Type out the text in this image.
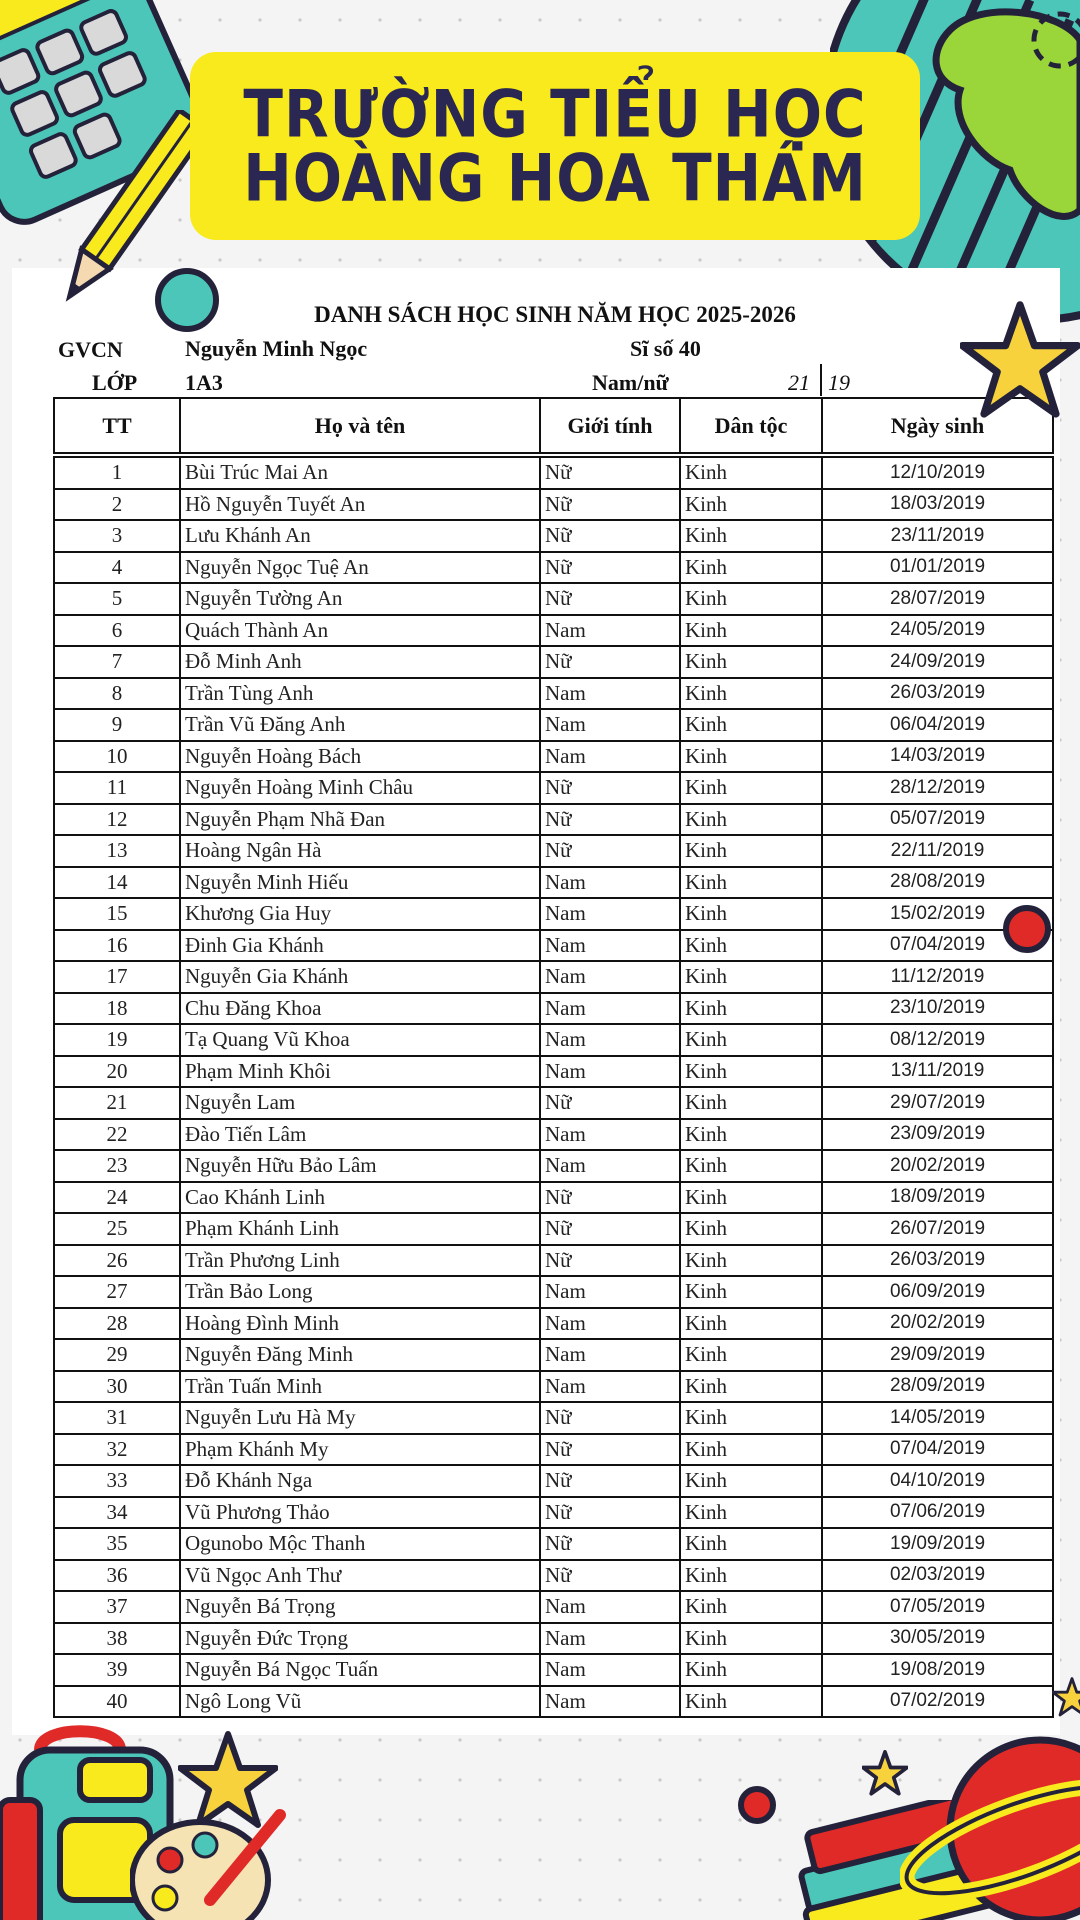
TRƯỜNG TIỂU HỌC
HOÀNG HOA THÁM
DANH SÁCH HỌC SINH NĂM HỌC 2025-2026
GVCN	Nguyễn Minh Ngọc	Sĩ số 40
LỚP 1A3	Nam/nữ	21 19
TT	Họ và tên	Giới tính	Dân tộc	Ngày sinh
1	Bùi Trúc Mai An	Nữ	Kinh	12/10/2019
2	Hồ Nguyễn Tuyết An	Nữ	Kinh	18/03/2019
3	Lưu Khánh An	Nữ	Kinh	23/11/2019
4	Nguyễn Ngọc Tuệ An	Nữ	Kinh	01/01/2019
5	Nguyễn Tường An	Nữ	Kinh	28/07/2019
6	Quách Thành An	Nam	Kinh	24/05/2019
7	Đỗ Minh Anh	Nữ	Kinh	24/09/2019
8	Trần Tùng Anh	Nam	Kinh	26/03/2019
9	Trần Vũ Đăng Anh	Nam	Kinh	06/04/2019
10	Nguyễn Hoàng Bách	Nam	Kinh	14/03/2019
11	Nguyễn Hoàng Minh Châu	Nữ	Kinh	28/12/2019
12	Nguyễn Phạm Nhã Đan	Nữ	Kinh	05/07/2019
13	Hoàng Ngân Hà	Nữ	Kinh	22/11/2019
14	Nguyễn Minh Hiếu	Nam	Kinh	28/08/2019
15	Khương Gia Huy	Nam	Kinh	15/02/2019
16	Đinh Gia Khánh	Nam	Kinh	07/04/2019
17	Nguyễn Gia Khánh	Nam	Kinh	11/12/2019
18	Chu Đăng Khoa	Nam	Kinh	23/10/2019
19	Tạ Quang Vũ Khoa	Nam	Kinh	08/12/2019
20	Phạm Minh Khôi	Nam	Kinh	13/11/2019
21	Nguyễn Lam	Nữ	Kinh	29/07/2019
22	Đào Tiến Lâm	Nam	Kinh	23/09/2019
23	Nguyễn Hữu Bảo Lâm	Nam	Kinh	20/02/2019
24	Cao Khánh Linh	Nữ	Kinh	18/09/2019
25	Phạm Khánh Linh	Nữ	Kinh	26/07/2019
26	Trần Phương Linh	Nữ	Kinh	26/03/2019
27	Trần Bảo Long	Nam	Kinh	06/09/2019
28	Hoàng Đình Minh	Nam	Kinh	20/02/2019
29	Nguyễn Đăng Minh	Nam	Kinh	29/09/2019
30	Trần Tuấn Minh	Nam	Kinh	28/09/2019
31	Nguyễn Lưu Hà My	Nữ	Kinh	14/05/2019
32	Phạm Khánh My	Nữ	Kinh	07/04/2019
33	Đỗ Khánh Nga	Nữ	Kinh	04/10/2019
34	Vũ Phương Thảo	Nữ	Kinh	07/06/2019
35	Ogunobo Mộc Thanh	Nữ	Kinh	19/09/2019
36	Vũ Ngọc Anh Thư	Nữ	Kinh	02/03/2019
37	Nguyễn Bá Trọng	Nam	Kinh	07/05/2019
38	Nguyễn Đức Trọng	Nam	Kinh	30/05/2019
39	Nguyễn Bá Ngọc Tuấn	Nam	Kinh	19/08/2019
40	Ngô Long Vũ	Nam	Kinh	07/02/2019
